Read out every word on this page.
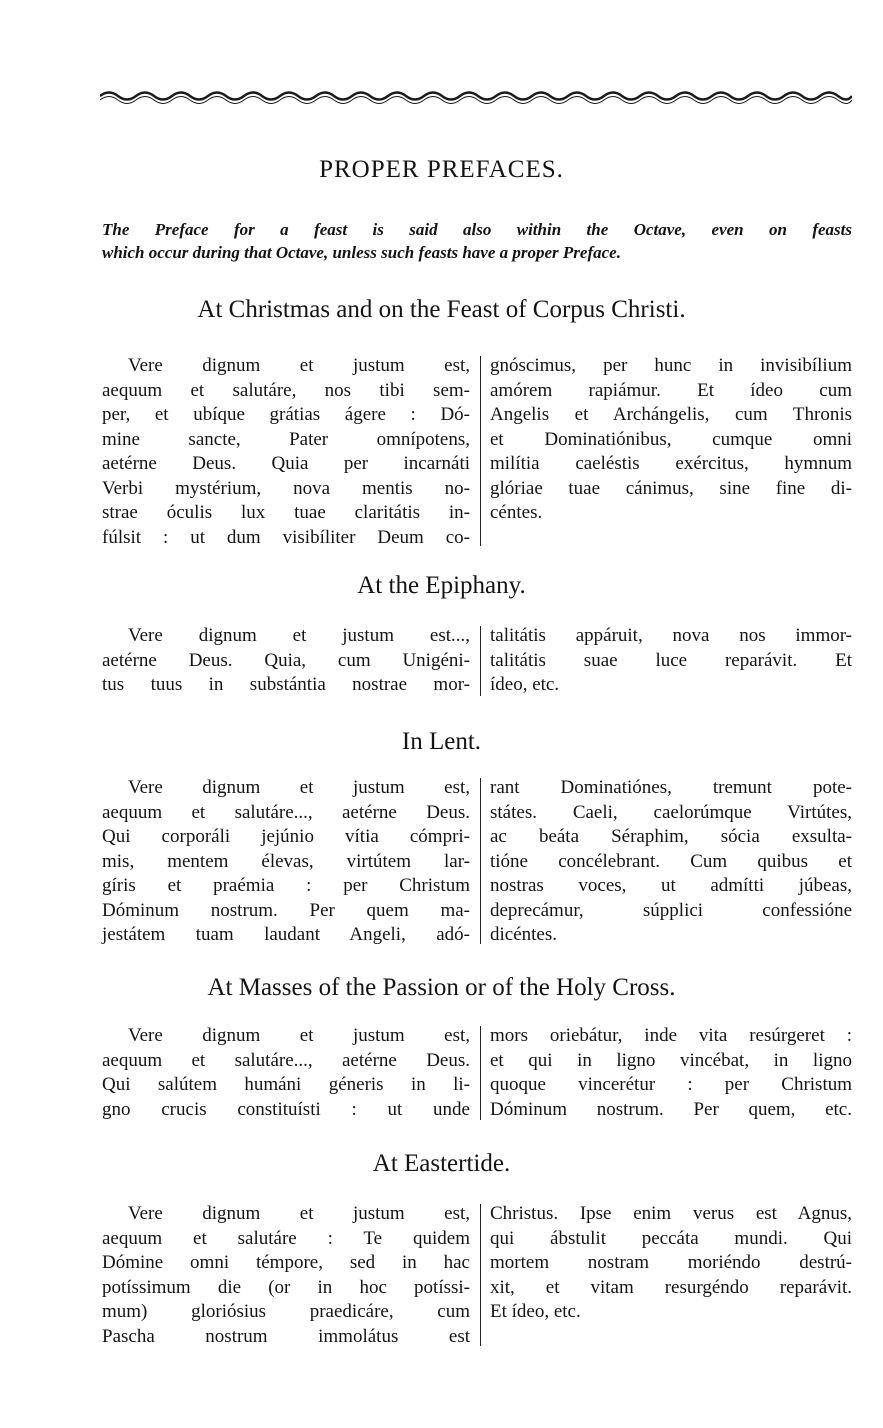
PROPER PREFACES.
The Preface for a feast is said also within the Octave, even on feasts
which occur during that Octave, unless such feasts have a proper Preface.
At Christmas and on the Feast of Corpus Christi.
Vere dignum et justum est,
aequum et salutáre, nos tibi sem-
per, et ubíque grátias ágere : Dó-
mine sancte, Pater omnípotens,
aetérne Deus. Quia per incarnáti
Verbi mystérium, nova mentis no-
strae óculis lux tuae claritátis in-
fúlsit : ut dum visibíliter Deum co-
gnóscimus, per hunc in invisibílium
amórem rapiámur. Et ídeo cum
Angelis et Archángelis, cum Thronis
et Dominatiónibus, cumque omni
milítia caeléstis exércitus, hymnum
glóriae tuae cánimus, sine fine di-
céntes.
At the Epiphany.
Vere dignum et justum est...,
aetérne Deus. Quia, cum Unigéni-
tus tuus in substántia nostrae mor-
talitátis appáruit, nova nos immor-
talitátis suae luce reparávit. Et
ídeo, etc.
In Lent.
Vere dignum et justum est,
aequum et salutáre..., aetérne Deus.
Qui corporáli jejúnio vítia cómpri-
mis, mentem élevas, virtútem lar-
gíris et praémia : per Christum
Dóminum nostrum. Per quem ma-
jestátem tuam laudant Angeli, adó-
rant Dominatiónes, tremunt pote-
státes. Caeli, caelorúmque Virtútes,
ac beáta Séraphim, sócia exsulta-
tióne concélebrant. Cum quibus et
nostras voces, ut admítti júbeas,
deprecámur, súpplici confessióne
dicéntes.
At Masses of the Passion or of the Holy Cross.
Vere dignum et justum est,
aequum et salutáre..., aetérne Deus.
Qui salútem humáni géneris in li-
gno crucis constituísti : ut unde
mors oriebátur, inde vita resúrgeret :
et qui in ligno vincébat, in ligno
quoque vincerétur : per Christum
Dóminum nostrum. Per quem, etc.
At Eastertide.
Vere dignum et justum est,
aequum et salutáre : Te quidem
Dómine omni témpore, sed in hac
potíssimum die (or in hoc potíssi-
mum) gloriósius praedicáre, cum
Pascha nostrum immolátus est
Christus. Ipse enim verus est Agnus,
qui ábstulit peccáta mundi. Qui
mortem nostram moriéndo destrú-
xit, et vitam resurgéndo reparávit.
Et ídeo, etc.
